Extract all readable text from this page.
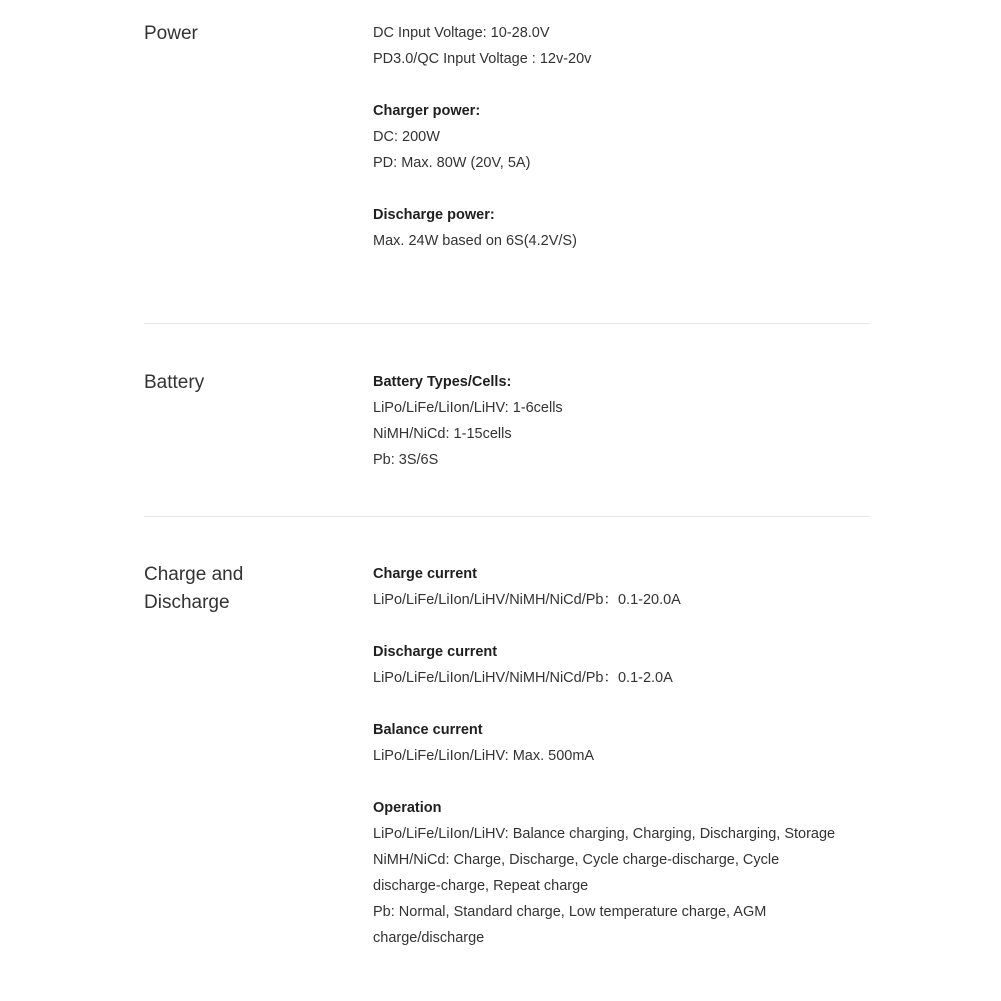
Power	DC Input Voltage: 10-28.0V
PD3.0/QC Input Voltage : 12v-20v
Charger power:
DC: 200W
PD: Max. 80W (20V, 5A)
Discharge power:
Max. 24W based on 6S(4.2V/S)
Battery	Battery Types/Cells:
LiPo/LiFe/LiIon/LiHV: 1-6cells
NiMH/NiCd: 1-15cells
Pb: 3S/6S
Charge and
Discharge
Charge current
LiPo/LiFe/LiIon/LiHV/NiMH/NiCd/Pb：0.1-20.0A
Discharge current
LiPo/LiFe/LiIon/LiHV/NiMH/NiCd/Pb：0.1-2.0A
Balance current
LiPo/LiFe/LiIon/LiHV: Max. 500mA
Operation
LiPo/LiFe/LiIon/LiHV: Balance charging, Charging, Discharging, Storage
NiMH/NiCd: Charge, Discharge, Cycle charge-discharge, Cycle
discharge-charge, Repeat charge
Pb: Normal, Standard charge, Low temperature charge, AGM
charge/discharge
